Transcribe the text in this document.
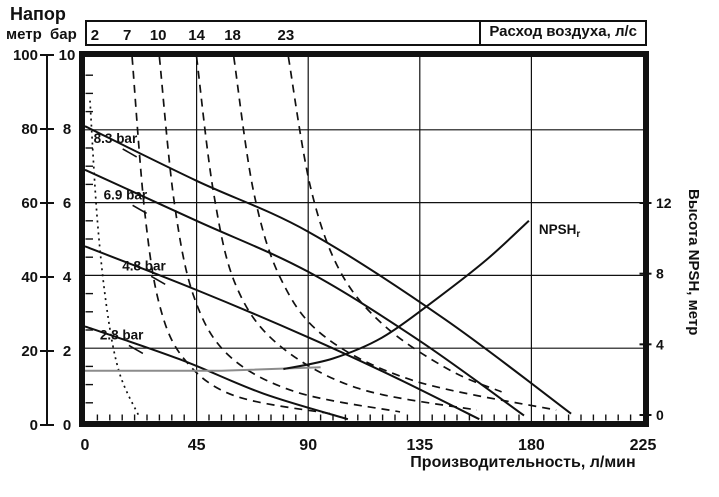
Напор
метр бар	Расход воздуха, л/с
Производительность, л/мин
Высота NPSH, метр
2 7 10 14 18 23
0 0
20 2
40 4
60 6
80 8
100 10
0	45	90	135	180	225
0
4
8
12
8.3 bar
6.9 bar
4.8 bar
2.8 bar
$NPSH_r$
